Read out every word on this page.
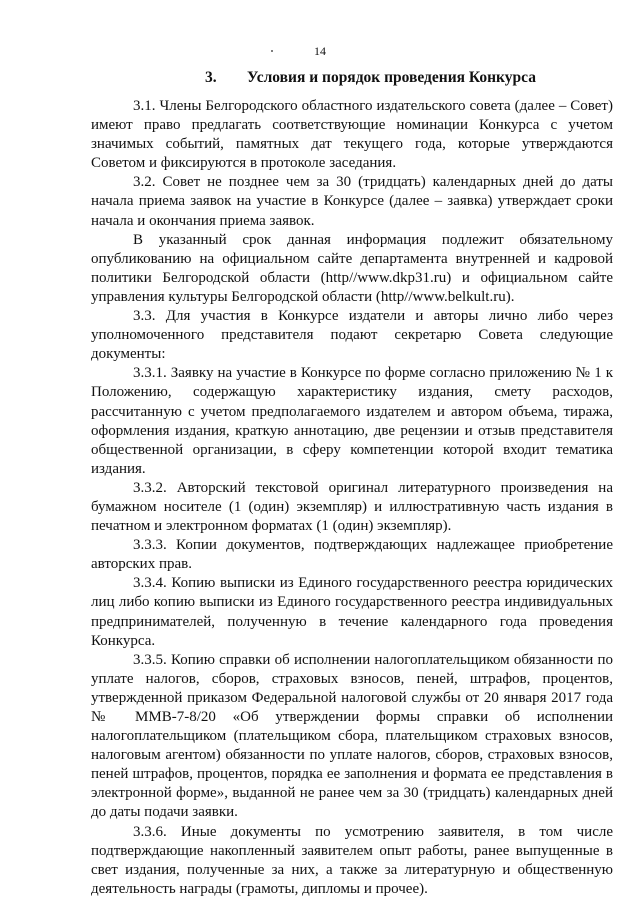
14
3. Условия и порядок проведения Конкурса

3.1. Члены Белгородского областного издательского совета (далее – Совет) имеют право предлагать соответствующие номинации Конкурса с учетом значимых событий, памятных дат текущего года, которые утверждаются Советом и фиксируются в протоколе заседания.

3.2. Совет не позднее чем за 30 (тридцать) календарных дней до даты начала приема заявок на участие в Конкурсе (далее – заявка) утверждает сроки начала и окончания приема заявок.

В указанный срок данная информация подлежит обязательному опубликованию на официальном сайте департамента внутренней и кадровой политики Белгородской области (http//www.dkp31.ru) и официальном сайте управления культуры Белгородской области (http//www.belkult.ru).

3.3. Для участия в Конкурсе издатели и авторы лично либо через уполномоченного представителя подают секретарю Совета следующие документы:

3.3.1. Заявку на участие в Конкурсе по форме согласно приложению № 1 к Положению, содержащую характеристику издания, смету расходов, рассчитанную с учетом предполагаемого издателем и автором объема, тиража, оформления издания, краткую аннотацию, две рецензии и отзыв представителя общественной организации, в сферу компетенции которой входит тематика издания.

3.3.2. Авторский текстовой оригинал литературного произведения на бумажном носителе (1 (один) экземпляр) и иллюстративную часть издания в печатном и электронном форматах (1 (один) экземпляр).

3.3.3. Копии документов, подтверждающих надлежащее приобретение авторских прав.

3.3.4. Копию выписки из Единого государственного реестра юридических лиц либо копию выписки из Единого государственного реестра индивидуальных предпринимателей, полученную в течение календарного года проведения Конкурса.

3.3.5. Копию справки об исполнении налогоплательщиком обязанности по уплате налогов, сборов, страховых взносов, пеней, штрафов, процентов, утвержденной приказом Федеральной налоговой службы от 20 января 2017 года № ММВ-7-8/20 «Об утверждении формы справки об исполнении налогоплательщиком (плательщиком сбора, плательщиком страховых взносов, налоговым агентом) обязанности по уплате налогов, сборов, страховых взносов, пеней штрафов, процентов, порядка ее заполнения и формата ее представления в электронной форме», выданной не ранее чем за 30 (тридцать) календарных дней до даты подачи заявки.

3.3.6. Иные документы по усмотрению заявителя, в том числе подтверждающие накопленный заявителем опыт работы, ранее выпущенные в свет издания, полученные за них, а также за литературную и общественную деятельность награды (грамоты, дипломы и прочее).
